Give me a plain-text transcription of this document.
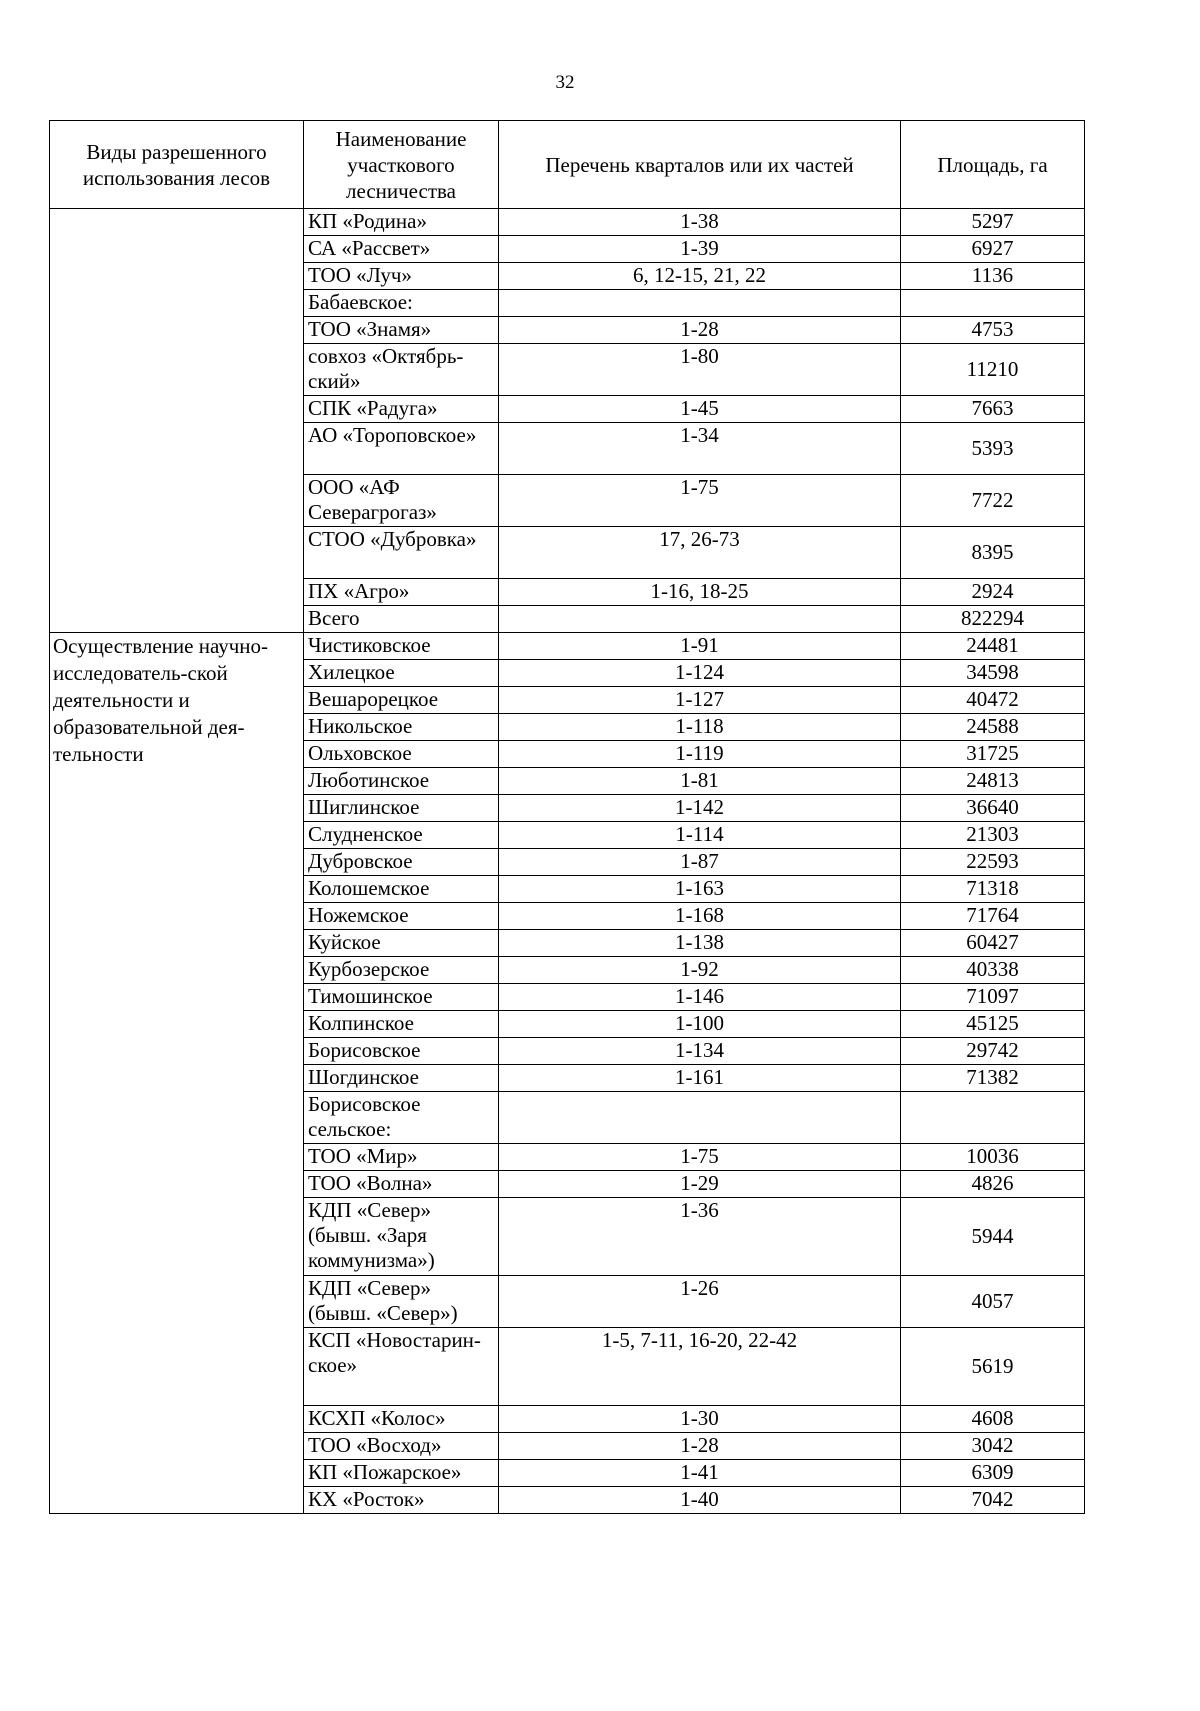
32
Виды разрешенного использования лесов	Наименование участкового лесничества	Перечень кварталов или их частей	Площадь, га
	КП «Родина»	1-38	5297
	СА «Рассвет»	1-39	6927
	ТОО «Луч»	6, 12-15, 21, 22	1136
	Бабаевское:		
	ТОО «Знамя»	1-28	4753
	совхоз «Октябрь-ский»	1-80	11210
	СПК «Радуга»	1-45	7663
	АО «Тороповское»	1-34	5393
	ООО «АФ Северагрогаз»	1-75	7722
	СТОО «Дубровка»	17, 26-73	8395
	ПХ «Агро»	1-16, 18-25	2924
	Всего		822294
Осуществление научно-исследователь-ской деятельности и образовательной дея-тельности	Чистиковское	1-91	24481
	Хилецкое	1-124	34598
	Вешарорецкое	1-127	40472
	Никольское	1-118	24588
	Ольховское	1-119	31725
	Люботинское	1-81	24813
	Шиглинское	1-142	36640
	Слудненское	1-114	21303
	Дубровское	1-87	22593
	Колошемское	1-163	71318
	Ножемское	1-168	71764
	Куйское	1-138	60427
	Курбозерское	1-92	40338
	Тимошинское	1-146	71097
	Колпинское	1-100	45125
	Борисовское	1-134	29742
	Шогдинское	1-161	71382
	Борисовское сельское:		
	ТОО «Мир»	1-75	10036
	ТОО «Волна»	1-29	4826
	КДП «Север» (бывш. «Заря коммунизма»)	1-36	5944
	КДП «Север» (бывш. «Север»)	1-26	4057
	КСП «Новостарин-ское»	1-5, 7-11, 16-20, 22-42	5619
	КСХП «Колос»	1-30	4608
	ТОО «Восход»	1-28	3042
	КП «Пожарское»	1-41	6309
	КХ «Росток»	1-40	7042
